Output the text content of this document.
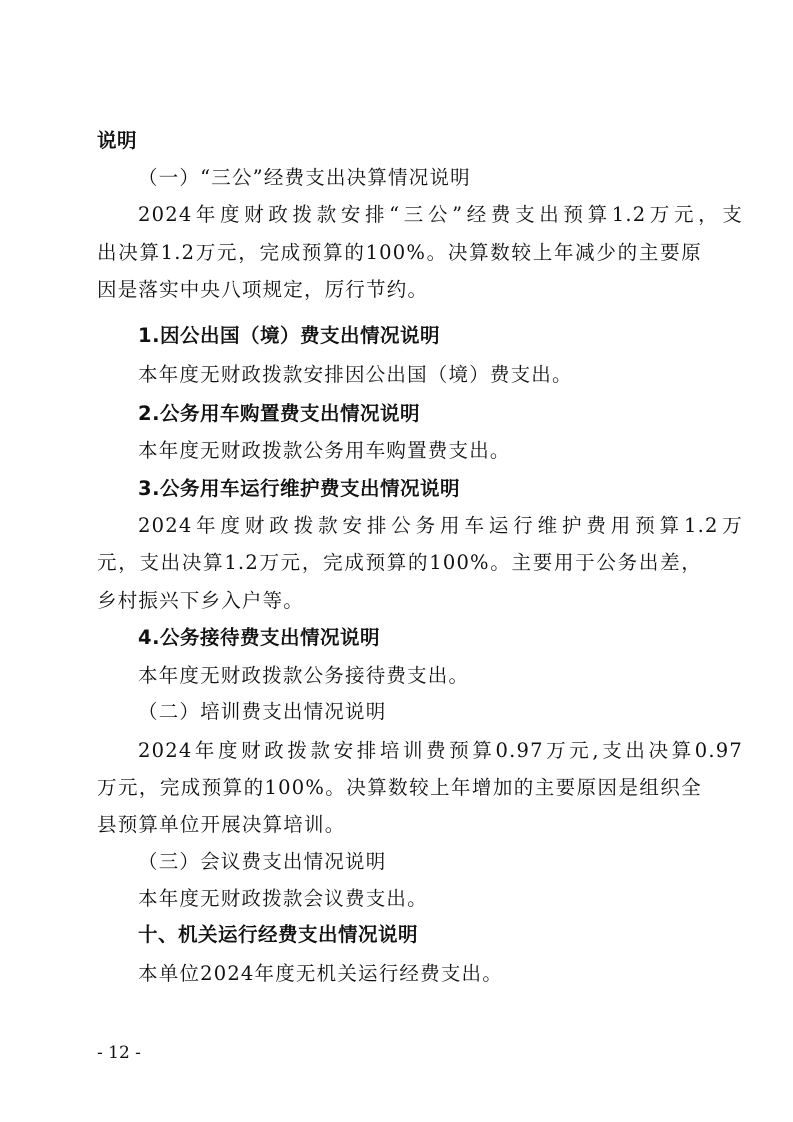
说明
（一）“三公”经费支出决算情况说明
2024年度财政拨款安排“三公”经费支出预算1.2万元，支
出决算1.2万元，完成预算的100%。决算数较上年减少的主要原
因是落实中央八项规定，厉行节约。
1.因公出国（境）费支出情况说明
本年度无财政拨款安排因公出国（境）费支出。
2.公务用车购置费支出情况说明
本年度无财政拨款公务用车购置费支出。
3.公务用车运行维护费支出情况说明
2024年度财政拨款安排公务用车运行维护费用预算1.2万
元，支出决算1.2万元，完成预算的100%。主要用于公务出差，
乡村振兴下乡入户等。
4.公务接待费支出情况说明
本年度无财政拨款公务接待费支出。
（二）培训费支出情况说明
2024年度财政拨款安排培训费预算0.97万元,支出决算0.97
万元，完成预算的100%。决算数较上年增加的主要原因是组织全
县预算单位开展决算培训。
（三）会议费支出情况说明
本年度无财政拨款会议费支出。
十、机关运行经费支出情况说明
本单位2024年度无机关运行经费支出。
- 12 -
